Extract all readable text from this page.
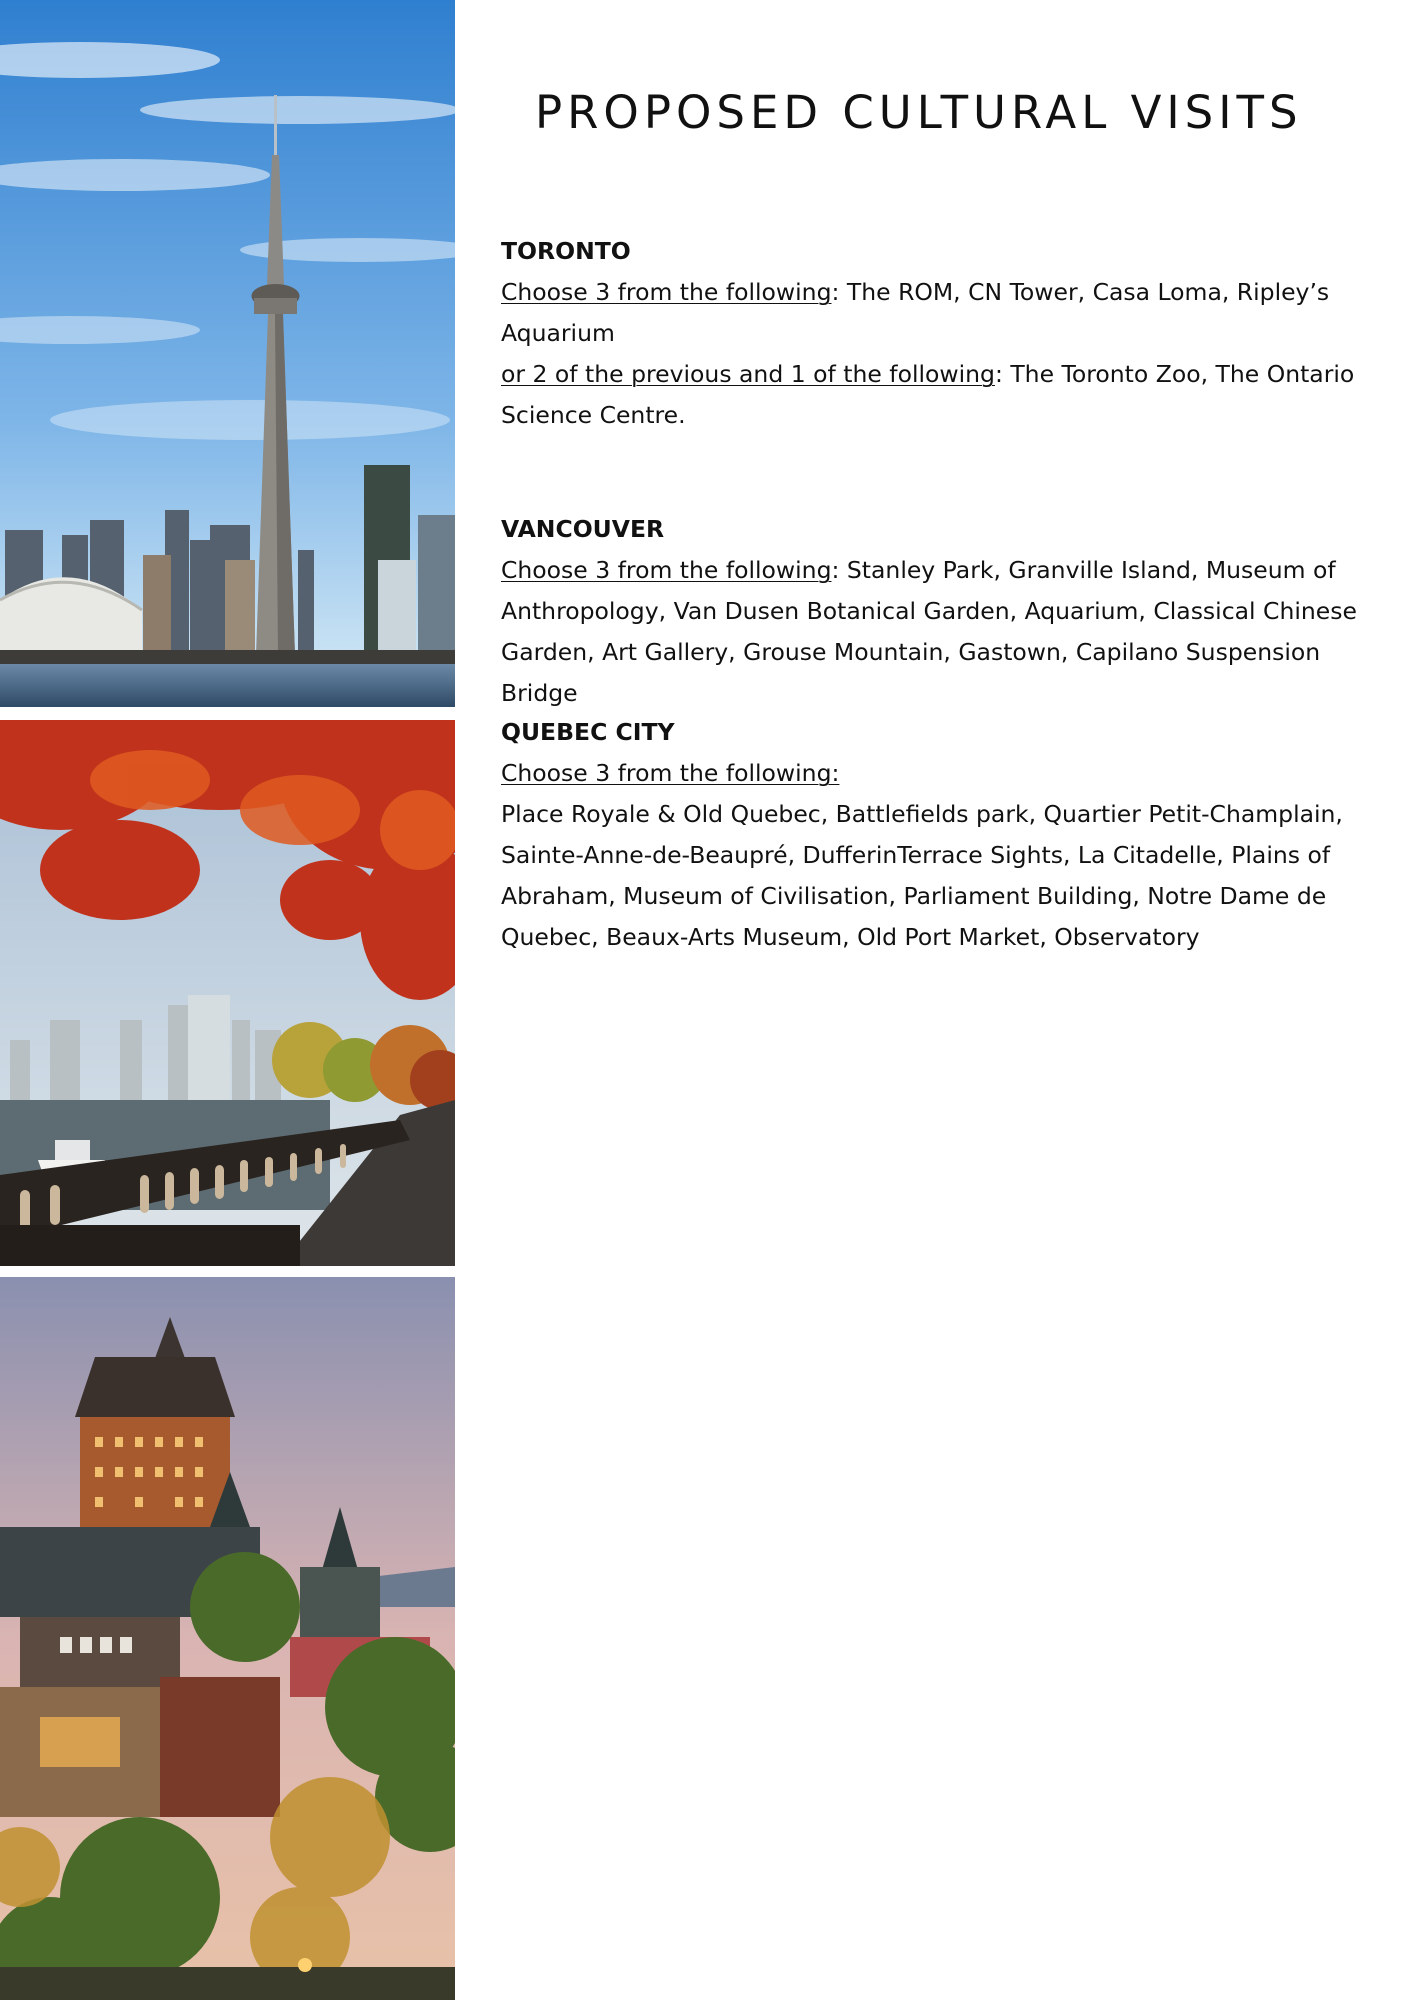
PROPOSED CULTURAL VISITS
TORONTO

Choose 3 from the following: The ROM, CN Tower, Casa Loma, Ripley’s Aquarium

or 2 of the previous and 1 of the following: The Toronto Zoo, The Ontario Science Centre.

VANCOUVER

Choose 3 from the following: Stanley Park, Granville Island, Museum of Anthropology, Van Dusen Botanical Garden, Aquarium, Classical Chinese Garden, Art Gallery, Grouse Mountain, Gastown, Capilano Suspension Bridge

QUEBEC CITY

Choose 3 from the following:

Place Royale & Old Quebec, Battlefields park, Quartier Petit-Champlain, Sainte-Anne-de-Beaupré, DufferinTerrace Sights, La Citadelle, Plains of Abraham, Museum of Civilisation, Parliament Building, Notre Dame de Quebec, Beaux-Arts Museum, Old Port Market, Observatory
